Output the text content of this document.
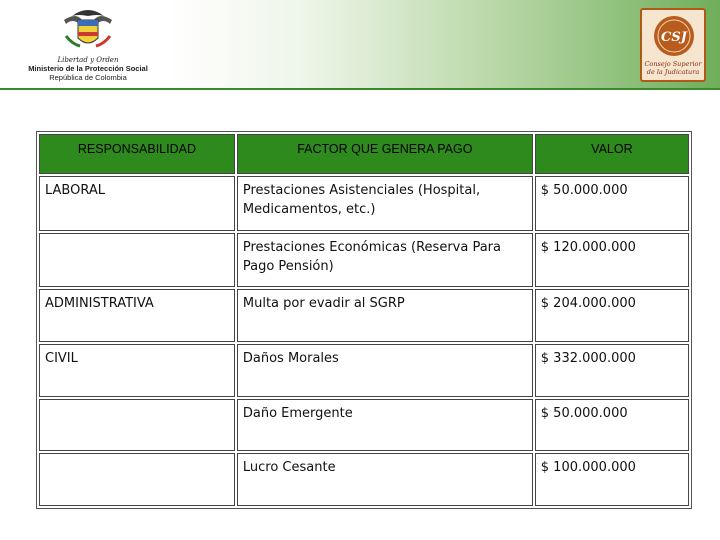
Libertad y Orden
Ministerio de la Protección Social
República de Colombia
CSJ
Consejo Superior de la Judicatura
RESPONSABILIDAD	FACTOR QUE GENERA PAGO	VALOR
LABORAL	Prestaciones Asistenciales (Hospital, Medicamentos, etc.)	$ 50.000.000
	Prestaciones Económicas (Reserva Para Pago Pensión)	$ 120.000.000
ADMINISTRATIVA	Multa por evadir al SGRP	$ 204.000.000
CIVIL	Daños Morales	$ 332.000.000
	Daño Emergente	$ 50.000.000
	Lucro Cesante	$ 100.000.000
